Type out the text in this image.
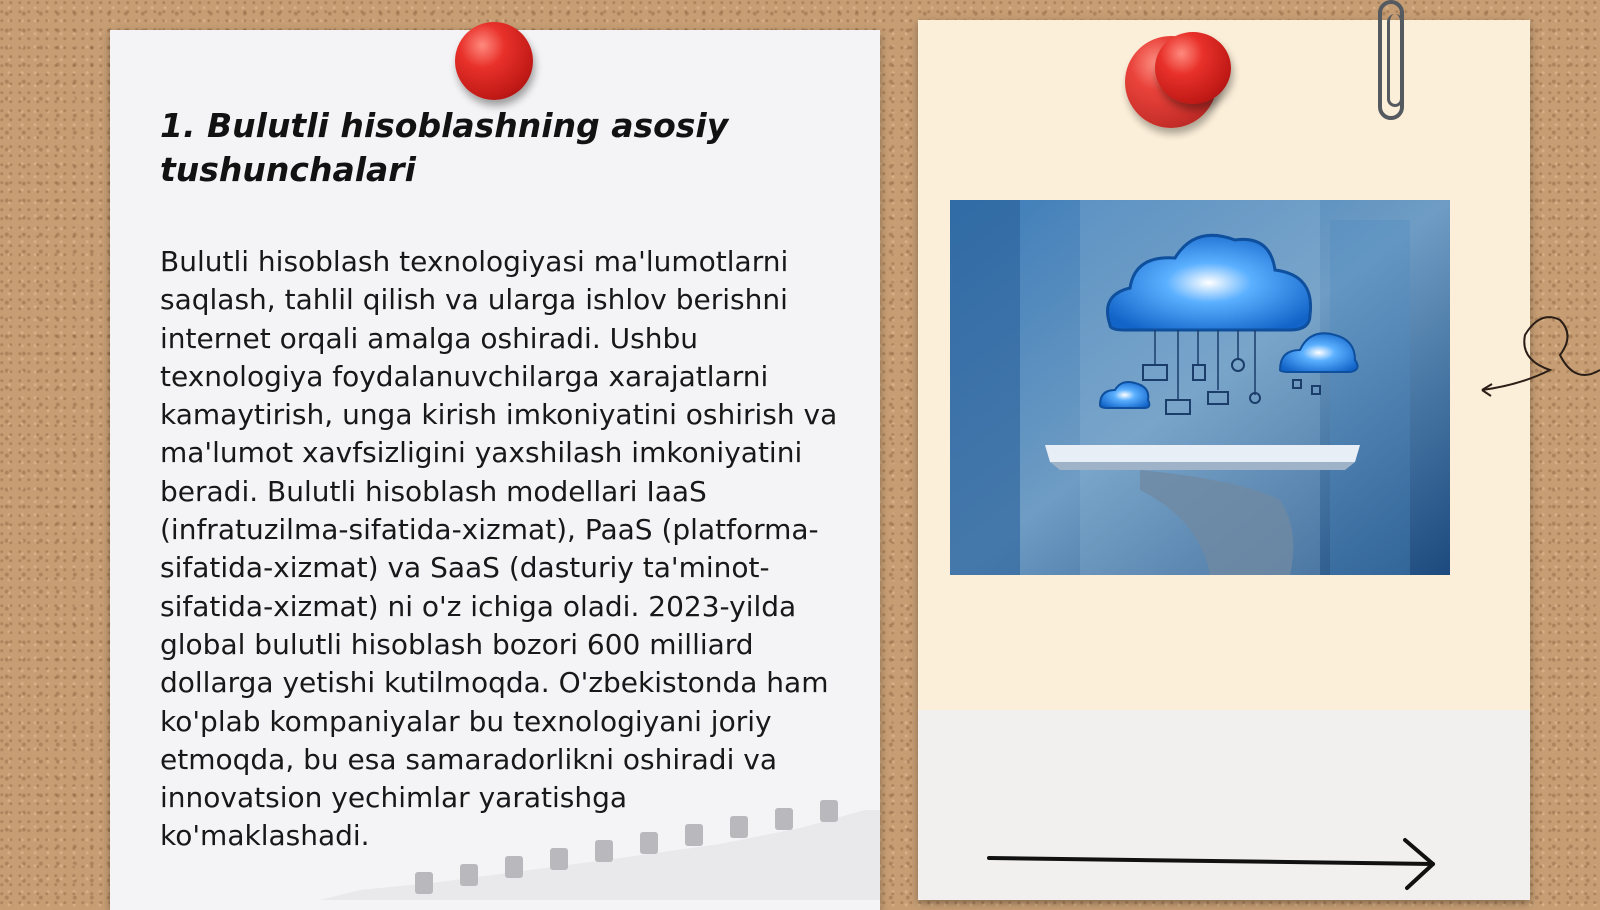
1. Bulutli hisoblashning asosiy tushunchalari

Bulutli hisoblash texnologiyasi ma'lumotlarni saqlash, tahlil qilish va ularga ishlov berishni internet orqali amalga oshiradi. Ushbu texnologiya foydalanuvchilarga xarajatlarni kamaytirish, unga kirish imkoniyatini oshirish va ma'lumot xavfsizligini yaxshilash imkoniyatini beradi. Bulutli hisoblash modellari IaaS (infratuzilma-sifatida-xizmat), PaaS (platforma-sifatida-xizmat) va SaaS (dasturiy ta'minot-sifatida-xizmat) ni o'z ichiga oladi. 2023-yilda global bulutli hisoblash bozori 600 milliard dollarga yetishi kutilmoqda. O'zbekistonda ham ko'plab kompaniyalar bu texnologiyani joriy etmoqda, bu esa samaradorlikni oshiradi va innovatsion yechimlar yaratishga ko'maklashadi.
